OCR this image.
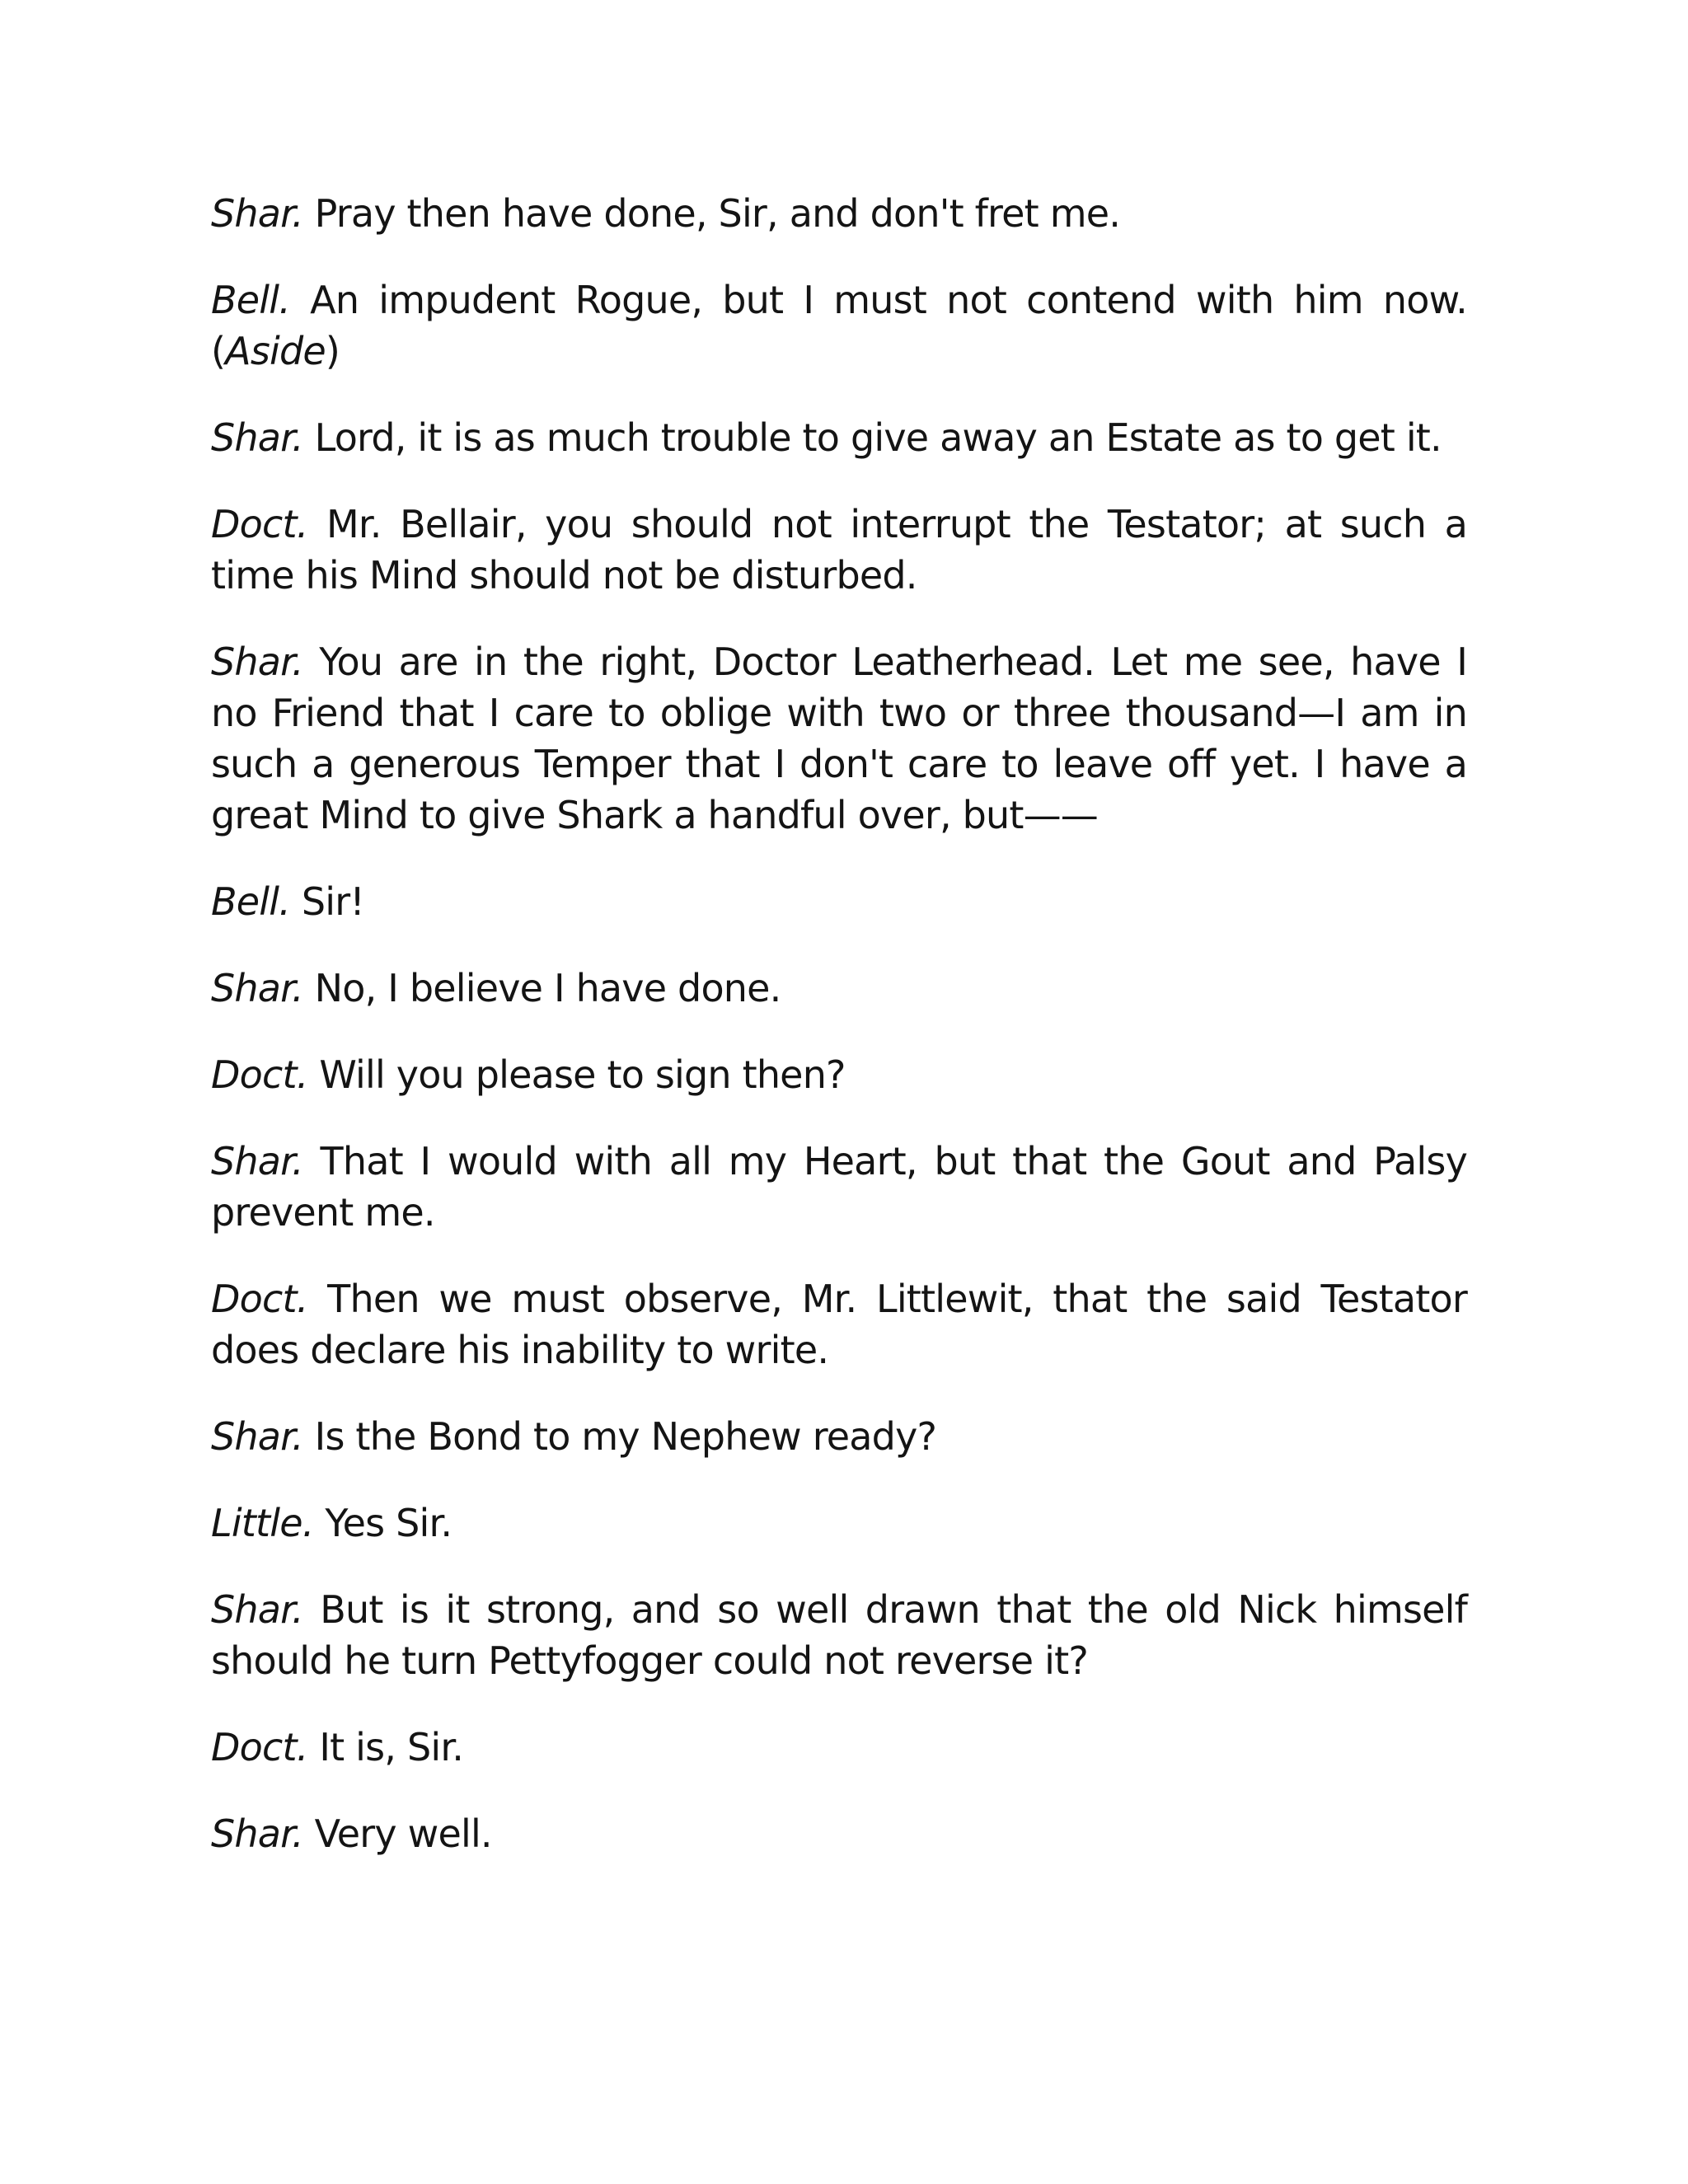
Shar. Pray then have done, Sir, and don't fret me.

Bell. An impudent Rogue, but I must not contend with him now. (Aside)

Shar. Lord, it is as much trouble to give away an Estate as to get it.

Doct. Mr. Bellair, you should not interrupt the Testator; at such a time his Mind should not be disturbed.

Shar. You are in the right, Doctor Leatherhead. Let me see, have I no Friend that I care to oblige with two or three thousand—I am in such a generous Temper that I don't care to leave off yet. I have a great Mind to give Shark a handful over, but——

Bell. Sir!

Shar. No, I believe I have done.

Doct. Will you please to sign then?

Shar. That I would with all my Heart, but that the Gout and Palsy prevent me.

Doct. Then we must observe, Mr. Littlewit, that the said Testator does declare his inability to write.

Shar. Is the Bond to my Nephew ready?

Little. Yes Sir.

Shar. But is it strong, and so well drawn that the old Nick himself should he turn Pettyfogger could not reverse it?

Doct. It is, Sir.

Shar. Very well.
